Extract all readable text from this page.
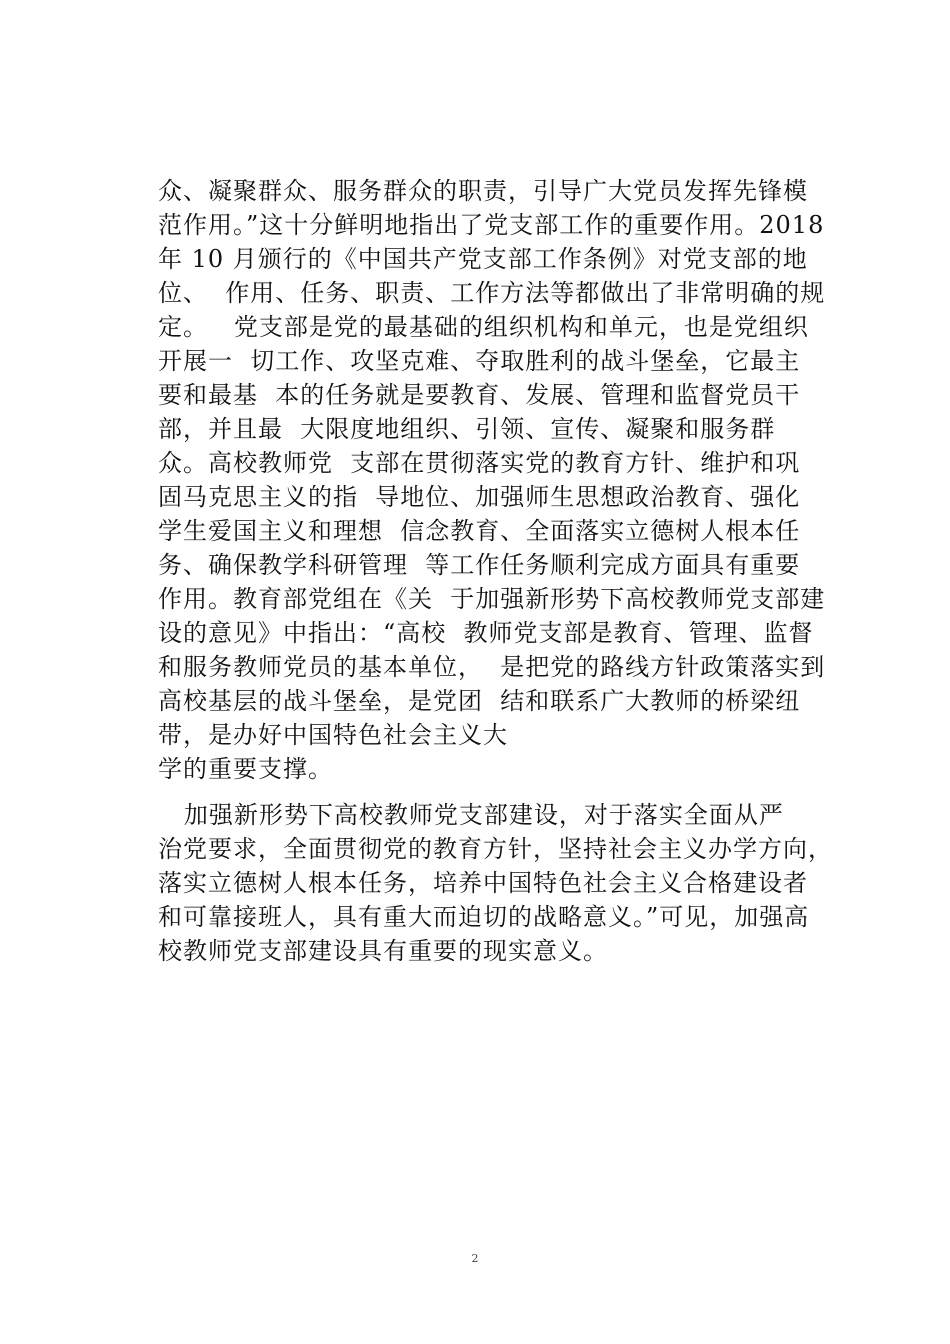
众、凝聚群众、服务群众的职责，引导广大党员发挥先锋模
范作用。”这十分鲜明地指出了党支部工作的重要作用。2018
年 10 月颁行的《中国共产党支部工作条例》对党支部的地
位、  作用、任务、职责、工作方法等都做出了非常明确的规
定。   党支部是党的最基础的组织机构和单元，也是党组织
开展一  切工作、攻坚克难、夺取胜利的战斗堡垒，它最主
要和最基  本的任务就是要教育、发展、管理和监督党员干
部，并且最  大限度地组织、引领、宣传、凝聚和服务群
众。高校教师党  支部在贯彻落实党的教育方针、维护和巩
固马克思主义的指  导地位、加强师生思想政治教育、强化
学生爱国主义和理想  信念教育、全面落实立德树人根本任
务、确保教学科研管理  等工作任务顺利完成方面具有重要
作用。教育部党组在《关  于加强新形势下高校教师党支部建
设的意见》中指出：“高校  教师党支部是教育、管理、监督
和服务教师党员的基本单位，  是把党的路线方针政策落实到
高校基层的战斗堡垒，是党团  结和联系广大教师的桥梁纽
带，是办好中国特色社会主义大
学的重要支撑。
加强新形势下高校教师党支部建设，对于落实全面从严
治党要求，全面贯彻党的教育方针，坚持社会主义办学方向，
落实立德树人根本任务，培养中国特色社会主义合格建设者
和可靠接班人，具有重大而迫切的战略意义。”可见，加强高
校教师党支部建设具有重要的现实意义。
2
